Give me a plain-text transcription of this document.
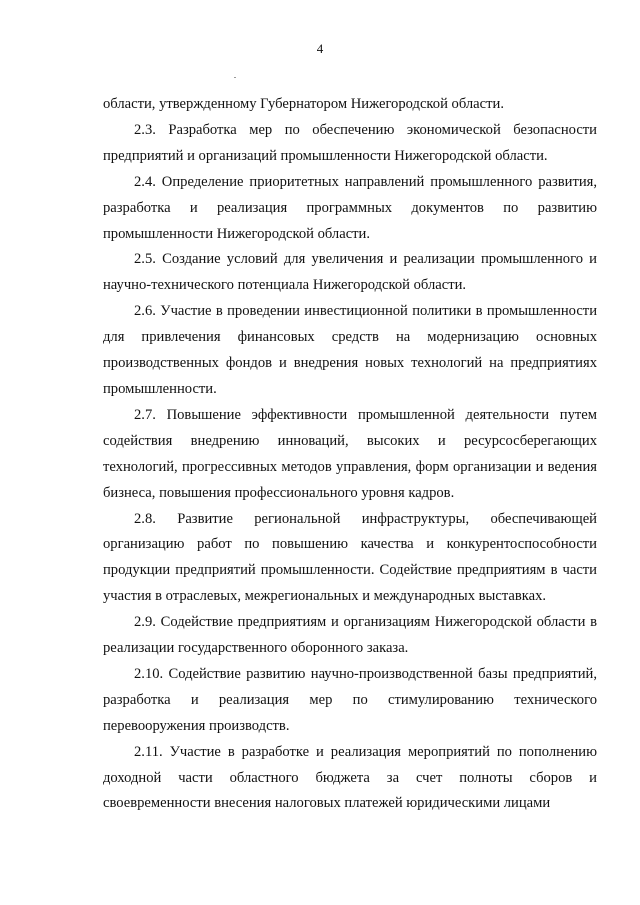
4

области, утвержденному Губернатором Нижегородской области.

2.3. Разработка мер по обеспечению экономической безопасности предприятий и организаций промышленности Нижегородской области.

2.4. Определение приоритетных направлений промышленного развития, разработка и реализация программных документов по развитию промышленности Нижегородской области.

2.5. Создание условий для увеличения и реализации промышленного и научно-технического потенциала Нижегородской области.

2.6. Участие в проведении инвестиционной политики в промышленности для привлечения финансовых средств на модернизацию основных производственных фондов и внедрения новых технологий на предприятиях промышленности.

2.7. Повышение эффективности промышленной деятельности путем содействия внедрению инноваций, высоких и ресурсосберегающих технологий, прогрессивных методов управления, форм организации и ведения бизнеса, повышения профессионального уровня кадров.

2.8. Развитие региональной инфраструктуры, обеспечивающей организацию работ по повышению качества и конкурентоспособности продукции предприятий промышленности. Содействие предприятиям в части участия в отраслевых, межрегиональных и международных выставках.

2.9. Содействие предприятиям и организациям Нижегородской области в реализации государственного оборонного заказа.

2.10. Содействие развитию научно-производственной базы предприятий, разработка и реализация мер по стимулированию технического перевооружения производств.

2.11. Участие в разработке и реализация мероприятий по пополнению доходной части областного бюджета за счет полноты сборов и своевременности внесения налоговых платежей юридическими лицами
